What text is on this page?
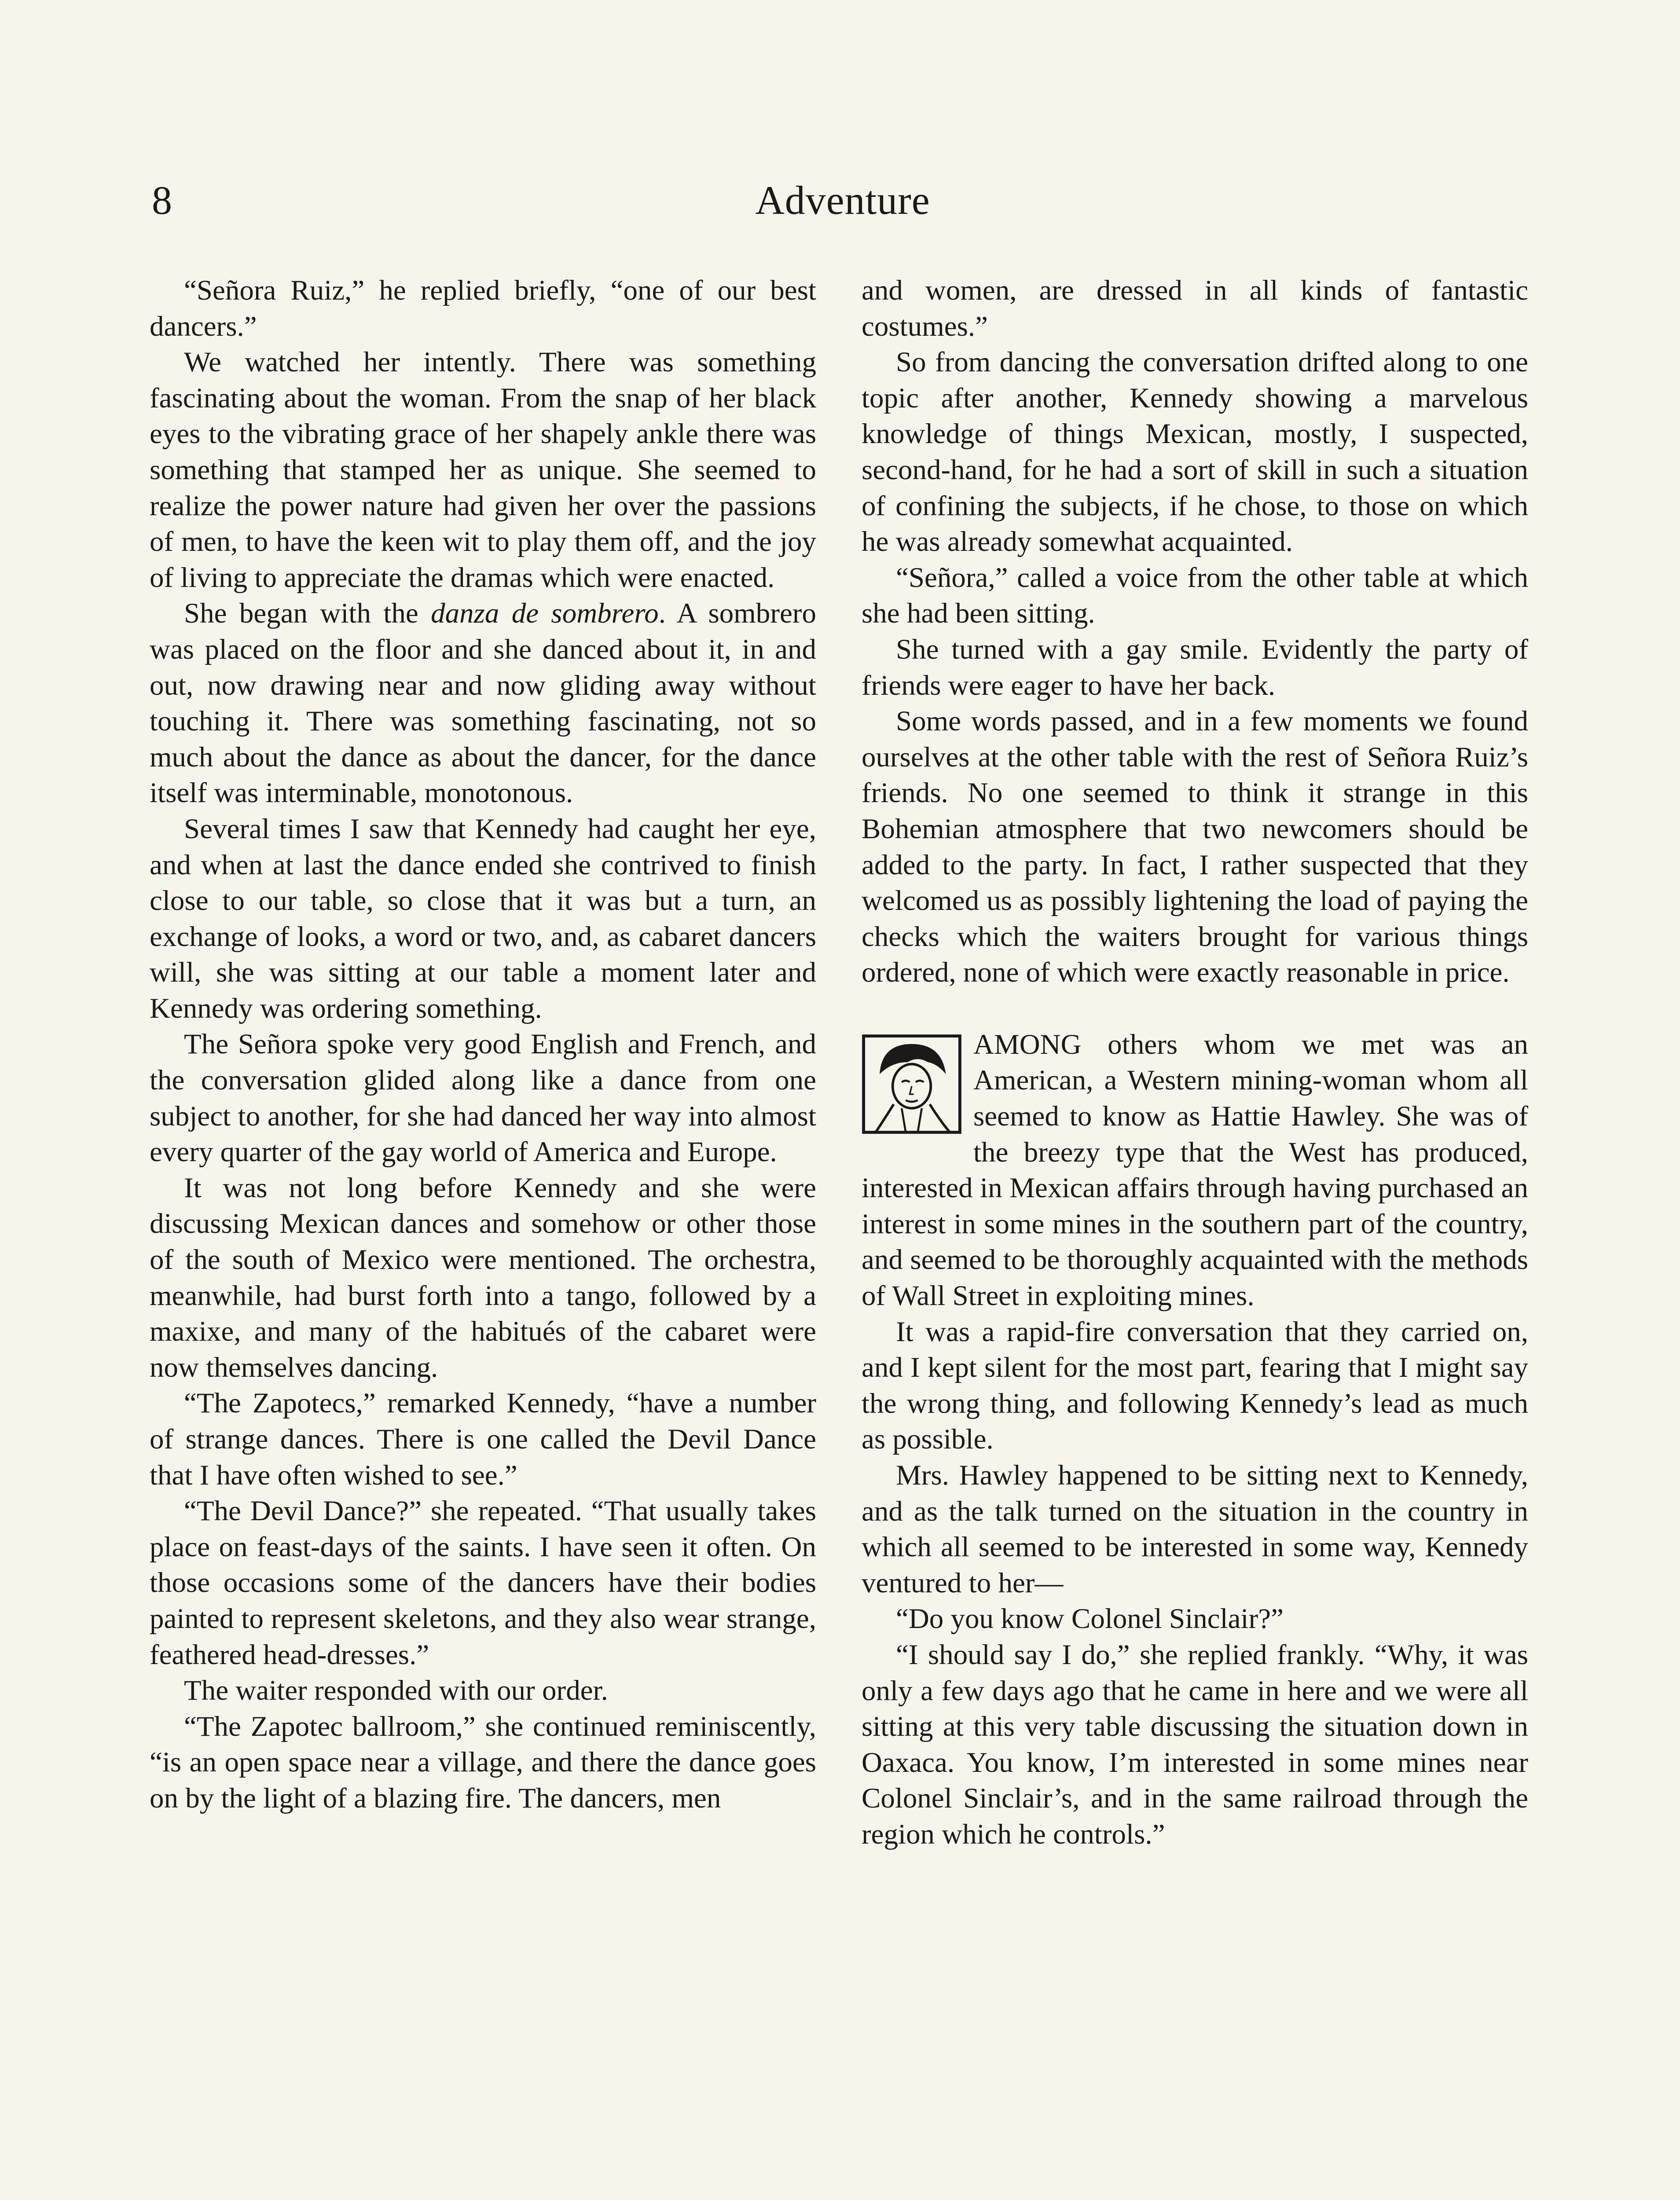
8	Adventure

“Señora Ruiz,” he replied briefly, “one of our best dancers.”

We watched her intently. There was something fascinating about the woman. From the snap of her black eyes to the vibrating grace of her shapely ankle there was something that stamped her as unique. She seemed to realize the power nature had given her over the passions of men, to have the keen wit to play them off, and the joy of living to appreciate the dramas which were enacted.

She began with the danza de sombrero. A sombrero was placed on the floor and she danced about it, in and out, now drawing near and now gliding away without touching it. There was something fascinating, not so much about the dance as about the dancer, for the dance itself was interminable, monotonous.

Several times I saw that Kennedy had caught her eye, and when at last the dance ended she contrived to finish close to our table, so close that it was but a turn, an exchange of looks, a word or two, and, as cabaret dancers will, she was sitting at our table a moment later and Kennedy was ordering something.

The Señora spoke very good English and French, and the conversation glided along like a dance from one subject to another, for she had danced her way into almost every quarter of the gay world of America and Europe.

It was not long before Kennedy and she were discussing Mexican dances and somehow or other those of the south of Mexico were mentioned. The orchestra, meanwhile, had burst forth into a tango, followed by a maxixe, and many of the habitués of the cabaret were now themselves dancing.

“The Zapotecs,” remarked Kennedy, “have a number of strange dances. There is one called the Devil Dance that I have often wished to see.”

“The Devil Dance?” she repeated. “That usually takes place on feast-days of the saints. I have seen it often. On those occasions some of the dancers have their bodies painted to represent skeletons, and they also wear strange, feathered head-dresses.”

The waiter responded with our order.

“The Zapotec ballroom,” she continued reminiscently, “is an open space near a village, and there the dance goes on by the light of a blazing fire. The dancers, men

and women, are dressed in all kinds of fantastic costumes.”

So from dancing the conversation drifted along to one topic after another, Kennedy showing a marvelous knowledge of things Mexican, mostly, I suspected, second-hand, for he had a sort of skill in such a situation of confining the subjects, if he chose, to those on which he was already somewhat acquainted.

“Señora,” called a voice from the other table at which she had been sitting.

She turned with a gay smile. Evidently the party of friends were eager to have her back.

Some words passed, and in a few moments we found ourselves at the other table with the rest of Señora Ruiz’s friends. No one seemed to think it strange in this Bohemian atmosphere that two newcomers should be added to the party. In fact, I rather suspected that they welcomed us as possibly lightening the load of paying the checks which the waiters brought for various things ordered, none of which were exactly reasonable in price.

AMONG others whom we met was an American, a Western mining-woman whom all seemed to know as Hattie Hawley. She was of the breezy type that the West has produced, interested in Mexican affairs through having purchased an interest in some mines in the southern part of the country, and seemed to be thoroughly acquainted with the methods of Wall Street in exploiting mines.

It was a rapid-fire conversation that they carried on, and I kept silent for the most part, fearing that I might say the wrong thing, and following Kennedy’s lead as much as possible.

Mrs. Hawley happened to be sitting next to Kennedy, and as the talk turned on the situation in the country in which all seemed to be interested in some way, Kennedy ventured to her—

“Do you know Colonel Sinclair?”

“I should say I do,” she replied frankly. “Why, it was only a few days ago that he came in here and we were all sitting at this very table discussing the situation down in Oaxaca. You know, I’m interested in some mines near Colonel Sinclair’s, and in the same railroad through the region which he controls.”
